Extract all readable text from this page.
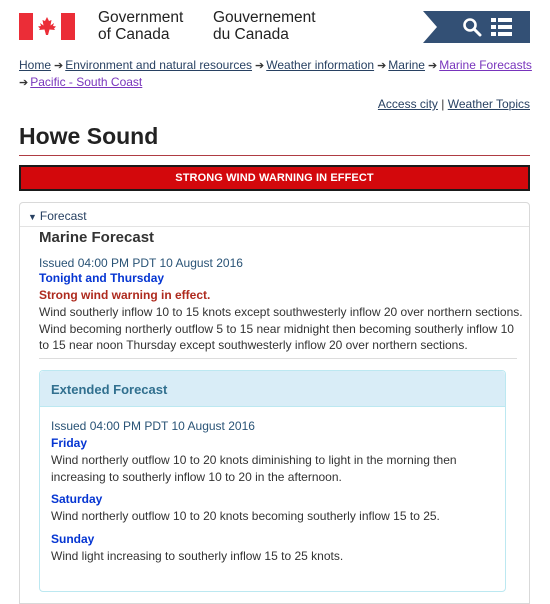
Government
of Canada
Gouvernement
du Canada
Home ➔ Environment and natural resources ➔ Weather information ➔ Marine ➔ Marine Forecasts
➔ Pacific - South Coast
Access city | Weather Topics
Howe Sound
STRONG WIND WARNING IN EFFECT
▼ Forecast
Marine Forecast
Issued 04:00 PM PDT 10 August 2016
Tonight and Thursday
Strong wind warning in effect.

Wind southerly inflow 10 to 15 knots except southwesterly inflow 20 over northern sections. Wind becoming northerly outflow 5 to 15 near midnight then becoming southerly inflow 10 to 15 near noon Thursday except southwesterly inflow 20 over northern sections.

Extended Forecast
Issued 04:00 PM PDT 10 August 2016
Friday

Wind northerly outflow 10 to 20 knots diminishing to light in the morning then increasing to southerly inflow 10 to 20 in the afternoon.

Saturday

Wind northerly outflow 10 to 20 knots becoming southerly inflow 15 to 25.

Sunday

Wind light increasing to southerly inflow 15 to 25 knots.
